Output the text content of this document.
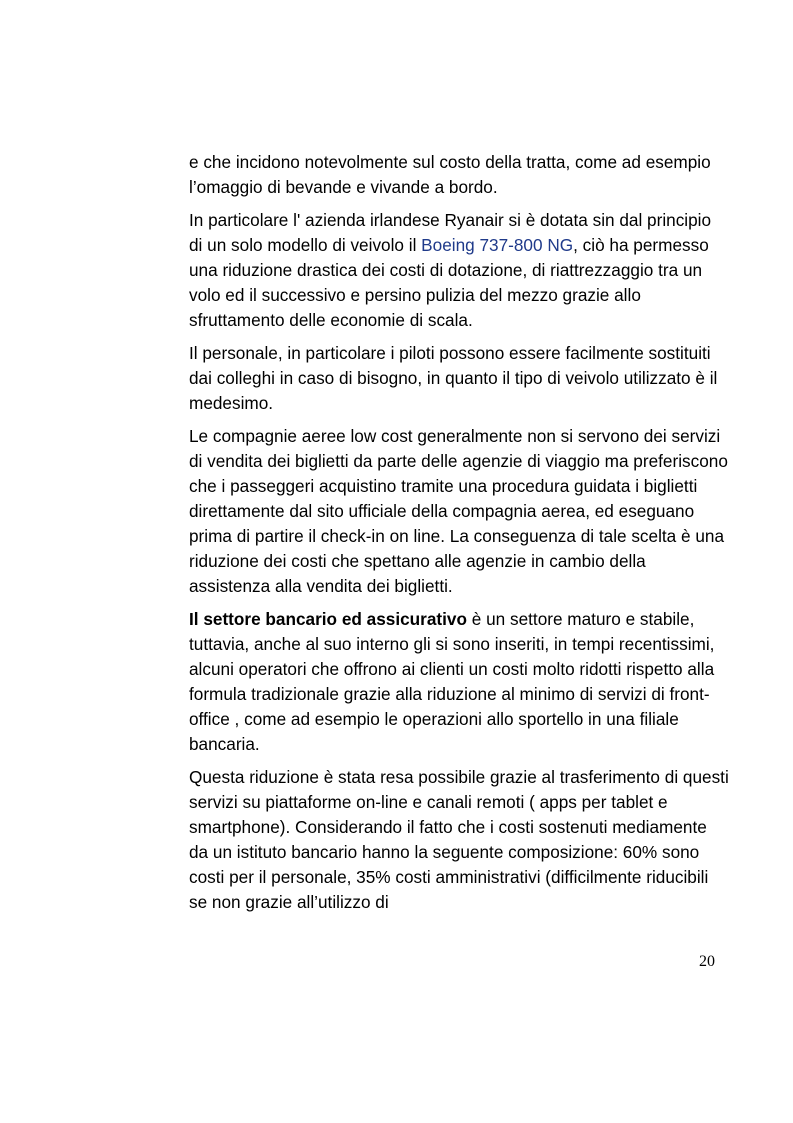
e che incidono notevolmente sul costo della tratta, come ad esempio l’omaggio di bevande e vivande a bordo.

In particolare l' azienda irlandese Ryanair si è dotata sin dal principio di un solo modello di veivolo il Boeing 737-800 NG, ciò ha permesso una riduzione drastica dei costi di dotazione, di riattrezzaggio tra un volo ed il successivo e persino pulizia del mezzo grazie allo sfruttamento delle economie di scala.

Il personale, in particolare i piloti possono essere facilmente sostituiti dai colleghi in caso di bisogno, in quanto il tipo di veivolo utilizzato è il medesimo.

Le compagnie aeree low cost generalmente non si servono dei servizi di vendita dei biglietti da parte delle agenzie di viaggio ma preferiscono che i passeggeri acquistino tramite una procedura guidata i biglietti direttamente dal sito ufficiale della compagnia aerea, ed eseguano prima di partire il check-in on line. La conseguenza di tale scelta è una riduzione dei costi che spettano alle agenzie in cambio della assistenza alla vendita dei biglietti.

Il settore bancario ed assicurativo è un settore maturo e stabile, tuttavia, anche al suo interno gli si sono inseriti, in tempi recentissimi, alcuni operatori che offrono ai clienti un costi molto ridotti rispetto alla formula tradizionale grazie alla riduzione al minimo di servizi di front-office , come ad esempio le operazioni allo sportello in una filiale bancaria.

Questa riduzione è stata resa possibile grazie al trasferimento di questi servizi su piattaforme on-line e canali remoti ( apps per tablet e smartphone). Considerando il fatto che i costi sostenuti mediamente da un istituto bancario hanno la seguente composizione: 60% sono costi per il personale, 35% costi amministrativi (difficilmente riducibili se non grazie all’utilizzo di

20
